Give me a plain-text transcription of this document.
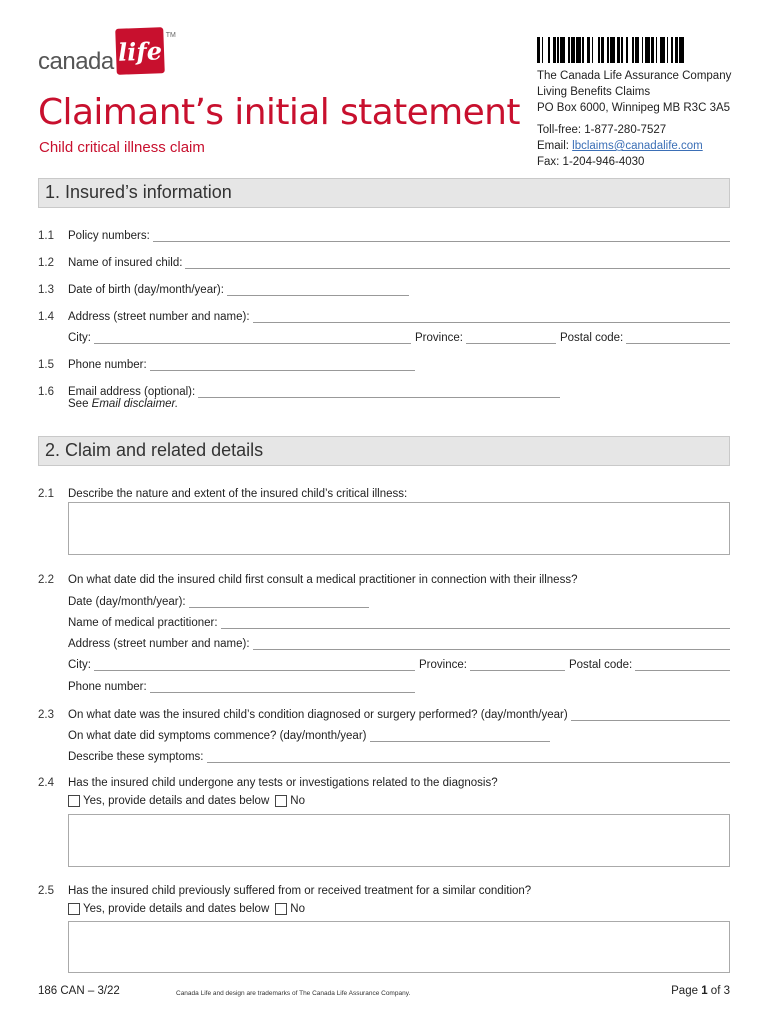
canada life
TM
The Canada Life Assurance Company
Living Benefits Claims
PO Box 6000, Winnipeg MB R3C 3A5
Toll-free: 1-877-280-7527
Email: lbclaims@canadalife.com
Fax: 1-204-946-4030
Claimant’s initial statement
Child critical illness claim
1. Insured’s information
1.1	Policy numbers:
1.2	Name of insured child:
1.3	Date of birth (day/month/year):
1.4	Address (street number and name):
City:	Province:	Postal code:
1.5	Phone number:
1.6	Email address (optional):
See Email disclaimer.
2. Claim and related details
2.1	Describe the nature and extent of the insured child’s critical illness:
2.2	On what date did the insured child first consult a medical practitioner in connection with their illness?
Date (day/month/year):
Name of medical practitioner:
Address (street number and name):
City:	Province:	Postal code:
Phone number:
2.3	On what date was the insured child’s condition diagnosed or surgery performed? (day/month/year)
On what date did symptoms commence? (day/month/year)
Describe these symptoms:
2.4	Has the insured child undergone any tests or investigations related to the diagnosis?
Yes, provide details and dates below No
2.5	Has the insured child previously suffered from or received treatment for a similar condition?
Yes, provide details and dates below No
186 CAN – 3/22	Canada Life and design are trademarks of The Canada Life Assurance Company.	Page 1 of 3
